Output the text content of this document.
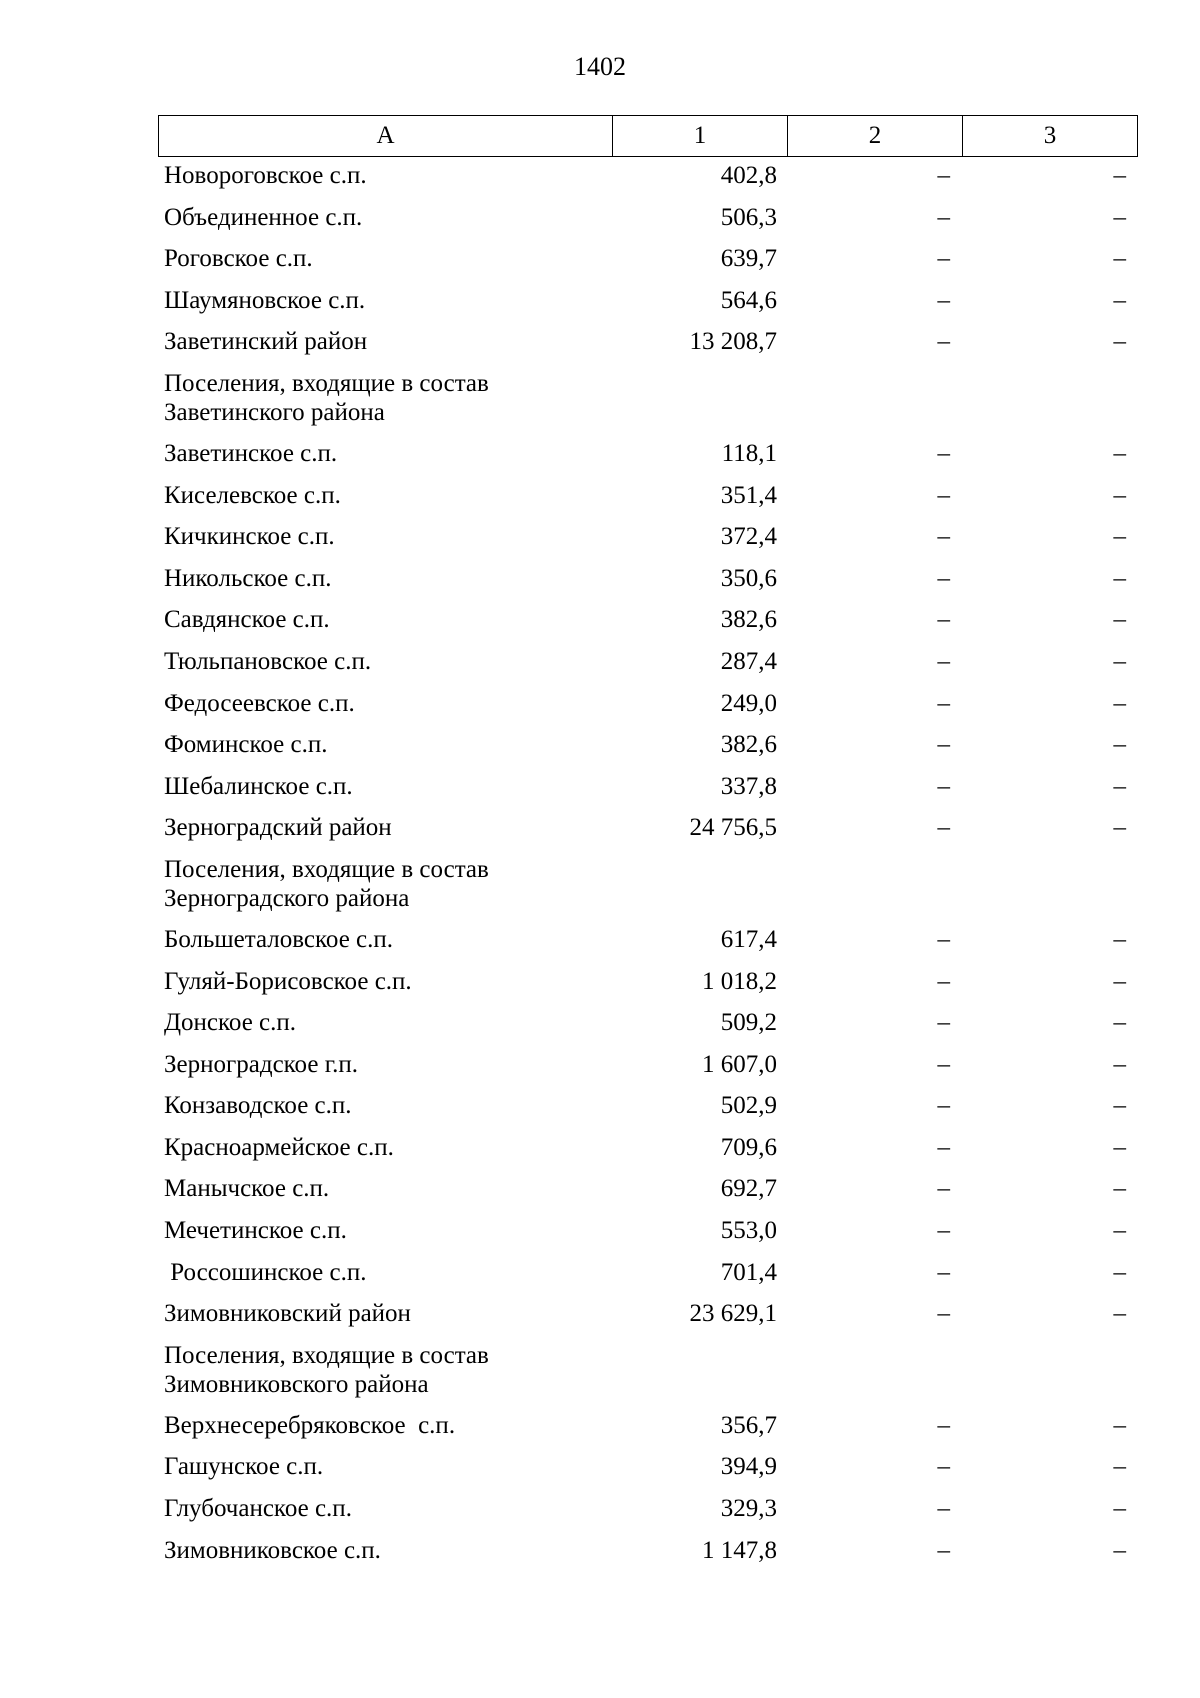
1402
А	1	2	3
Новороговское с.п.	402,8	–	–
Объединенное с.п.	506,3	–	–
Роговское с.п.	639,7	–	–
Шаумяновское с.п.	564,6	–	–
Заветинский район	13 208,7	–	–
Поселения, входящие в состав
Заветинского района
Заветинское с.п.	118,1	–	–
Киселевское с.п.	351,4	–	–
Кичкинское с.п.	372,4	–	–
Никольское с.п.	350,6	–	–
Савдянское с.п.	382,6	–	–
Тюльпановское с.п.	287,4	–	–
Федосеевское с.п.	249,0	–	–
Фоминское с.п.	382,6	–	–
Шебалинское с.п.	337,8	–	–
Зерноградский район	24 756,5	–	–
Поселения, входящие в состав
Зерноградского района
Большеталовское с.п.	617,4	–	–
Гуляй-Борисовское с.п.	1 018,2	–	–
Донское с.п.	509,2	–	–
Зерноградское г.п.	1 607,0	–	–
Конзаводское с.п.	502,9	–	–
Красноармейское с.п.	709,6	–	–
Манычское с.п.	692,7	–	–
Мечетинское с.п.	553,0	–	–
Россошинское с.п.	701,4	–	–
Зимовниковский район	23 629,1	–	–
Поселения, входящие в состав
Зимовниковского района
Верхнесеребряковское  с.п.	356,7	–	–
Гашунское с.п.	394,9	–	–
Глубочанское с.п.	329,3	–	–
Зимовниковское с.п.	1 147,8	–	–
